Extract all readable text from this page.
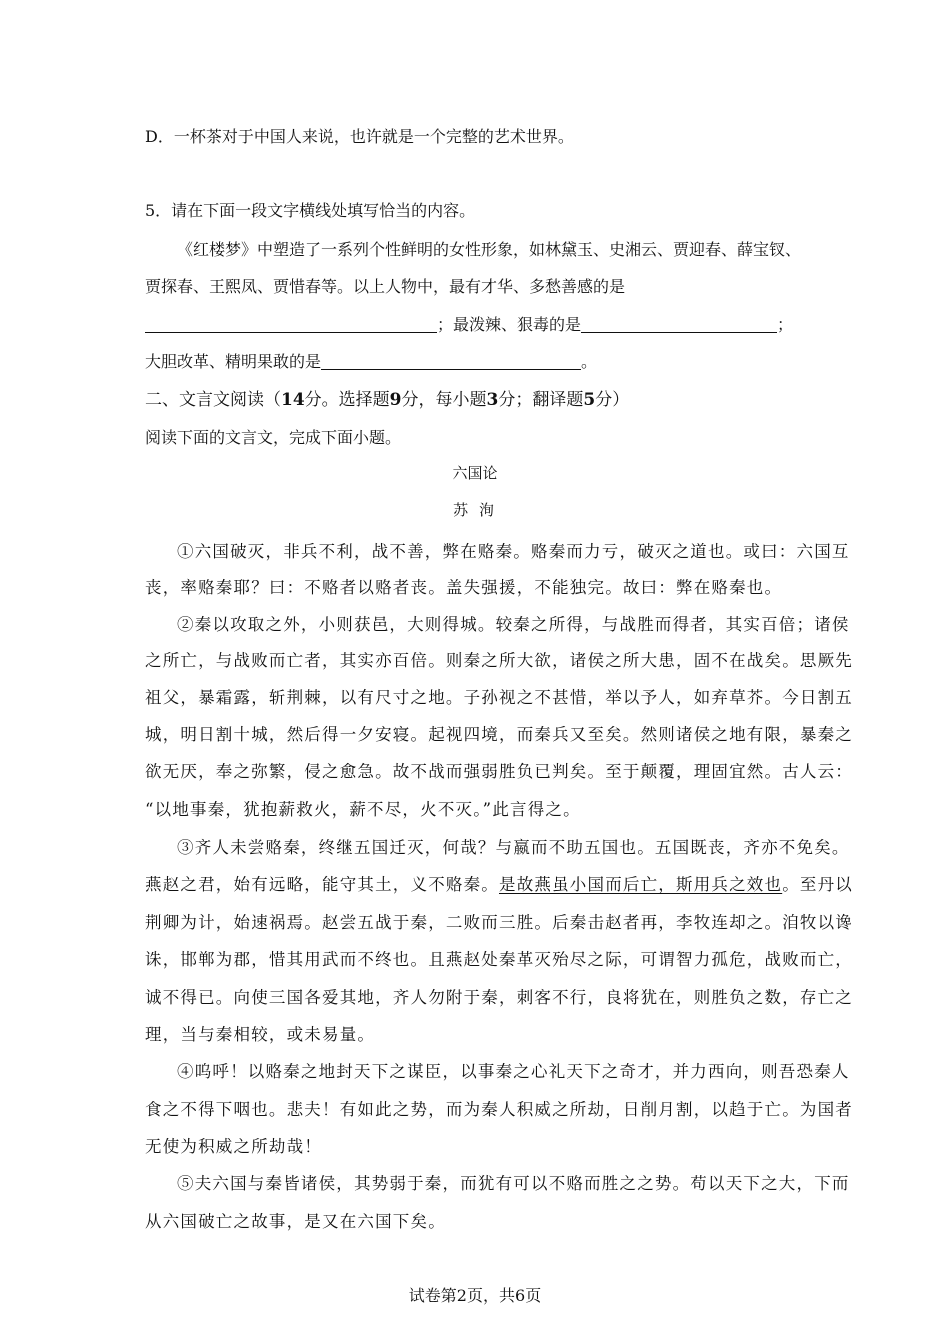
D．一杯茶对于中国人来说，也许就是一个完整的艺术世界。
5．请在下面一段文字横线处填写恰当的内容。
《红楼梦》中塑造了一系列个性鲜明的女性形象，如林黛玉、史湘云、贾迎春、薛宝钗、
贾探春、王熙凤、贾惜春等。以上人物中，最有才华、多愁善感的是
；最泼辣、狠毒的是	；
大胆改革、精明果敢的是	。
二、文言文阅读（14分。选择题9分，每小题3分；翻译题5分）
阅读下面的文言文，完成下面小题。
六国论
苏 洵
①六国破灭，非兵不利，战不善，弊在赂秦。赂秦而力亏，破灭之道也。或曰：六国互
丧，率赂秦耶？曰：不赂者以赂者丧。盖失强援，不能独完。故曰：弊在赂秦也。
②秦以攻取之外，小则获邑，大则得城。较秦之所得，与战胜而得者，其实百倍；诸侯
之所亡，与战败而亡者，其实亦百倍。则秦之所大欲，诸侯之所大患，固不在战矣。思厥先
祖父，暴霜露，斩荆棘，以有尺寸之地。子孙视之不甚惜，举以予人，如弃草芥。今日割五
城，明日割十城，然后得一夕安寝。起视四境，而秦兵又至矣。然则诸侯之地有限，暴秦之
欲无厌，奉之弥繁，侵之愈急。故不战而强弱胜负已判矣。至于颠覆，理固宜然。古人云：
“以地事秦，犹抱薪救火，薪不尽，火不灭。”此言得之。
③齐人未尝赂秦，终继五国迁灭，何哉？与嬴而不助五国也。五国既丧，齐亦不免矣。
燕赵之君，始有远略，能守其土，义不赂秦。是故燕虽小国而后亡，斯用兵之效也。至丹以
荆卿为计，始速祸焉。赵尝五战于秦，二败而三胜。后秦击赵者再，李牧连却之。洎牧以谗
诛，邯郸为郡，惜其用武而不终也。且燕赵处秦革灭殆尽之际，可谓智力孤危，战败而亡，
诚不得已。向使三国各爱其地，齐人勿附于秦，刺客不行，良将犹在，则胜负之数，存亡之
理，当与秦相较，或未易量。
④呜呼！以赂秦之地封天下之谋臣，以事秦之心礼天下之奇才，并力西向，则吾恐秦人
食之不得下咽也。悲夫！有如此之势，而为秦人积威之所劫，日削月割，以趋于亡。为国者
无使为积威之所劫哉！
⑤夫六国与秦皆诸侯，其势弱于秦，而犹有可以不赂而胜之之势。苟以天下之大，下而
从六国破亡之故事，是又在六国下矣。
试卷第2页，共6页
